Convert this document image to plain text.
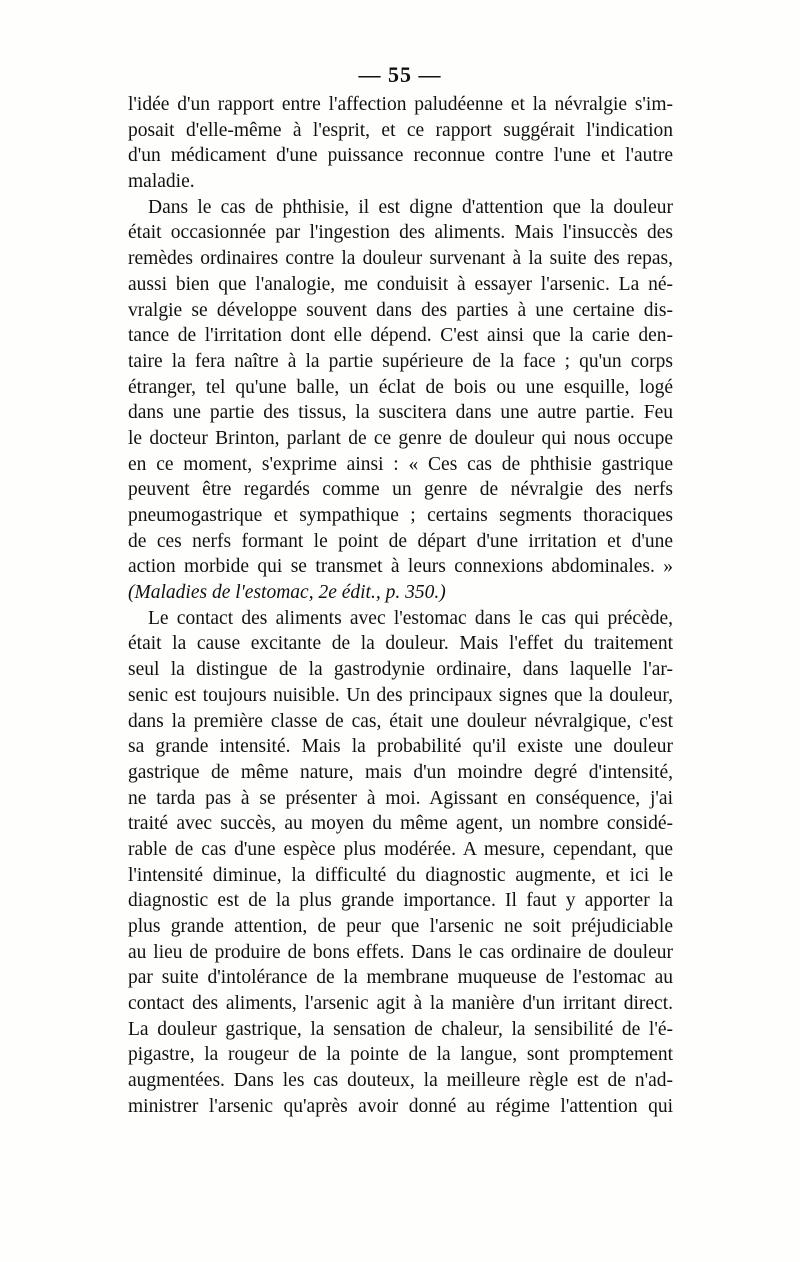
— 55 —
l'idée d'un rapport entre l'affection paludéenne et la névralgie s'im-
posait d'elle-même à l'esprit, et ce rapport suggérait l'indication
d'un médicament d'une puissance reconnue contre l'une et l'autre
maladie.
Dans le cas de phthisie, il est digne d'attention que la douleur
était occasionnée par l'ingestion des aliments. Mais l'insuccès des
remèdes ordinaires contre la douleur survenant à la suite des repas,
aussi bien que l'analogie, me conduisit à essayer l'arsenic. La né-
vralgie se développe souvent dans des parties à une certaine dis-
tance de l'irritation dont elle dépend. C'est ainsi que la carie den-
taire la fera naître à la partie supérieure de la face ; qu'un corps
étranger, tel qu'une balle, un éclat de bois ou une esquille, logé
dans une partie des tissus, la suscitera dans une autre partie. Feu
le docteur Brinton, parlant de ce genre de douleur qui nous occupe
en ce moment, s'exprime ainsi : « Ces cas de phthisie gastrique
peuvent être regardés comme un genre de névralgie des nerfs
pneumogastrique et sympathique ; certains segments thoraciques
de ces nerfs formant le point de départ d'une irritation et d'une
action morbide qui se transmet à leurs connexions abdominales. »
(Maladies de l'estomac, 2e édit., p. 350.)
Le contact des aliments avec l'estomac dans le cas qui précède,
était la cause excitante de la douleur. Mais l'effet du traitement
seul la distingue de la gastrodynie ordinaire, dans laquelle l'ar-
senic est toujours nuisible. Un des principaux signes que la douleur,
dans la première classe de cas, était une douleur névralgique, c'est
sa grande intensité. Mais la probabilité qu'il existe une douleur
gastrique de même nature, mais d'un moindre degré d'intensité,
ne tarda pas à se présenter à moi. Agissant en conséquence, j'ai
traité avec succès, au moyen du même agent, un nombre considé-
rable de cas d'une espèce plus modérée. A mesure, cependant, que
l'intensité diminue, la difficulté du diagnostic augmente, et ici le
diagnostic est de la plus grande importance. Il faut y apporter la
plus grande attention, de peur que l'arsenic ne soit préjudiciable
au lieu de produire de bons effets. Dans le cas ordinaire de douleur
par suite d'intolérance de la membrane muqueuse de l'estomac au
contact des aliments, l'arsenic agit à la manière d'un irritant direct.
La douleur gastrique, la sensation de chaleur, la sensibilité de l'é-
pigastre, la rougeur de la pointe de la langue, sont promptement
augmentées. Dans les cas douteux, la meilleure règle est de n'ad-
ministrer l'arsenic qu'après avoir donné au régime l'attention qui
